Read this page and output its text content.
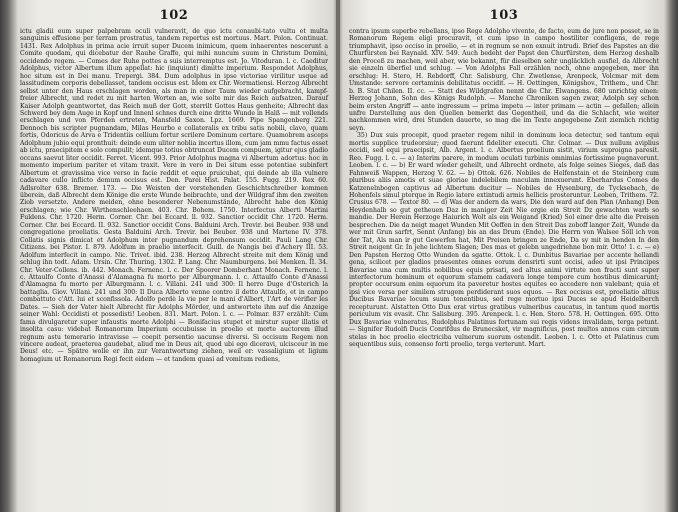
102

ictu gladii eum super palpebram oculi vulneravit, de quo ictu conaubi-tato vultu et multa sanguinis effusione per terram prostratus, tandem repertus est mortuus. Mart. Polon. Continuat. 1431. Rex Adolphus in prima acie irruit super Ducem inimicum, quem inhaerentes nescerunt a Comite quodam, qui dicebatur der Rauhe Graffe, qui mihi nuncum suum in Christum Domini, occidendo regem. — Comes der Ruhe pottes a suis interremptus est. Jo. Vitoduran. l. c. Caeditur Adolphus, victor Albertum illum appellat: hic (inquiunt) dimitte imperium. Respondet Adolphus, hoc situm est in Dei manu. Trepergi. 384. Dum adolphus in ipse victoriae virilitur usque ad lassitudinem corporis debellasset, tandem occisus est. Idem ex Chr. Wormatiensi. Herzog Albrecht selbst unter den Haus erschlagen worden, als man in einer Taum wieder aufgebracht, kampf-freier Albrecht, und redet zu mit harten Worten an, wie solte mir das Reich aufsatzen. Darauf Kaiser Adolph geantwortet, das Reich muß der Gott, sterrilt Gottes Haus genheite; Albrecht das Schwerd bey dem Auge in Kopf und Innenl schnes durch eine dritte Wunde in Halß — mit vollends erschlagen und von Pferden ertreten, Mansfeld Saxon. Lpz. 1669. Pipe Spangenberg 221. Dennoch bis scripter pugnandam, Milas Heurbo e collateralis ex tribu satis nobili, clavo, quam fortis, Odoricus de Arva e Tridentiis cellium fortur scrilere Dominum certare. Quamobrem asceps Adolphum jubio equi pronthuit: deinde eum uliter noblia incertus illom, cum jam mmu factus esset ab ictu, praecipitem e solo compulit; idemque totius obtruncat Ducem compuem, igitur ejus gladio occans saevut liter occidit. Ferret. Vicent. 993. Prior Adolphus magna vi Albertum adortus: hoc in momento imperium pariter et vitam traxit. Vere in vero in Dei situm esse potentiae subinfert Albertum et gravissima vice verso in facie reddit et eque pruicubat, qui deinde ab illa vulnere cadavare cullo inflicto demum occisus est. Den. Parei Hist. Palat. 155. Fugg. 219. Rex 60. Adlsrolter 638. Bremer. 173. — Die Weisten der vorstehenden Geschichtschreiber kommen überein, daß Albrecht dem Könige die erste Wunde beibrachte, und der Wildgraf ihm den zweiten Ziob versetzte. Andere meiden, ohne besonderer Nebenumstände, Albrecht habe den König erschlagen; wie Chr. Wirthenschleehaen. 403. Chr. Bohem. 1750. Interfectus Alberti Martini Fuldens. Chr. 1720. Herm. Corner. Chr. bei Eccard. ll. 932. Sanctior occidit Chr. 1720. Herm. Corner. Chr. bei Eccard. II. 932. Sanctior occidit Cons. Balduini Arch. Trevir. bei Beuber. 938 und congregatione proeliatis. Gesta Balduini Arch. Trevir. bei Beuber. 938 und Martene IV. 378. Collatis signis dimicat et Adolphum inter pugnandum deprehensum occidit. Pauli Lang Chr. Citizens. bei Pistor. I. 879. Adolfum in praelio interfecit. Guill. de Nangis bei d'Achery III. 53. Adolfum interfecit in campo. Nic. Trivet. ibid. 238. Herzog Albrecht streite mit dem König und schlug ihn todt. Adam. Ursin. Chr. Thuring. 1302. P. Lang. Chr. Naumburgens. bei Menken. II. 34. Chr. Veter-Collens. ib. 442. Monach. Fernenc. l. c. Der Spoorer Domberhant Monach. Fernenc. l. c. Attaulfo Conte d'Anassi d'Alamagna fu morto per Alburgmann. l. c. Attaulfo Conte d'Anassi d'Alamagna fu morto per Alburgmann. l. c. Villani. 241 und 300: Il herro Duge d'Osterich la battaglia. Giov. Villani. 241 und 300: Il Duca Alberto venne contro il detto Attaulfo, et in campo combattuto c'Att. lui et sconfissola. Adolfo perdè la vie per le mani d'Albert, l'Art de vérifier les Dates. — Sieh der Vater hielt Albrecht für Adolphs Mörder, und antwortete ihm auf die Anzeige seiner Wahl: Occidisti et possedisti! Leoben. 831. Mart. Polon. l. c. — Polmar. 837 erzählt: Cum fama divulgaretur super infaustis morte Adolphi — Bonifacius stupet et mirstur super illatis et insolita casu: videbat Romanorum Imperium occubuisse in proelio et morte auctorem illud regnum astu temerario intravisse — coepit persentio uacunse diversi. Si occisum Regem non vincere audeat, praeterea gaudebat, aliud me in Deus ait, quod ubi ego diceravi, ulcisceur in me Deus! etc. — Spätre wolle er ihn zur Verantwortung ziehen, weil er: vassaligium et ligium homagium ut Romanorum Regi fecit eidem — et tandem quasi ad vomitum rediens,

103

contra ipsum superbe rebellans, ipso Rege Adolpho vivente, de facto, eum de jure non posset, se in Romanorum Regem eligi procuravit, et cum ipso in campo hostiliter confligens, de rege triumphavit, ipso occiso in proelio, — et in regnum se non exnuit intrudi. Brief des Papstes an die Churfürsten bei Raynald. XIV. 549. Auch bedeht der Papst den Churfürsten, dem Herzog deshalb den Proceß zu machen, weil aber, wie bekannt, für dieselben sehr ungläcklich ausfiel, da Albrecht sie einzeln überfiel und schlug. — Von Adolphs Fall erzählen noch, ohne angegeben, mer ihn erschlug: H. Stero, H. Rebdorff, Chr. Salisburg, Chr. Zwetlense, Arenpeck, Volcmar mit dem Umstande: servore certaminis debilitatus occidit. — H. Oettingen, Königshov., Trithem., und Chr. b. B. Stat Chilen. II. cc. — Statt des Wildgrafen nennt die Chr. Elwangens. 680 unrichtig einen: Herzog Johann, Sohn des Königs Rudolph. — Manche Chroniken sagen zwar, Adolph sey schon beim ersten Angriff — ante ingressum — prima impetu — inter primam — actin — gefallen; allein unfre Darstellung aus den Quellen bemerkt das Gegentheil, und da die Schlacht, wie weiter nachkommen wird, drei Stunden dauerte, so mag die im Texte angegebene Zeit ziemlich richtig seyn.

35) Dux suis procepit, quod praeter regem nihil in dominum loca detectur, sed tantum equi mortis supplice trudeorsiur; quod faerunt fideliter executi. Chr. Colmar. — Dux nullum aviplius occidi, sed equi praecipsit, Alb. Argent. l. c. Albertus proelium sistit, virium suproigna paresit. Reo. Fugg. l. c. — a) Interim parere, in modum oculati turbinis omnimias fortissime pugnaverunt. Leoben. l. c. — b) Er ward wieder geheilt, und Albrecht ordnete, als folge seines Sieges, daß das Fahnweiß Wappen, Herzog V. 62. — b) Ottok. 626. Nobiles de Helfenstain et de Steinberg cum pluribus aliis amotis et suae gloriae indelebilem maculam innexuerunt. Eberhardus Comes de Katzenelnbogen captivus ad Albertum ducitur — Nobiles de Hysenburg, de Tycksebach, de Hohenfels simul pterque in Regio latere extintudi armis hellicis prosteruntur. Leoben, Trithem. 72. Crusius 678. — Textor 80. — d) Was der andern da wars, Die den ward auf den Plan (Anhang) Den Heydenhalb so gut getheuen Daz in maniger Zeit Nie ergie ein Streit Dz gewachten warb so mandie. Der Herein Herzoge Haiurich Wolt als ein Weigand (Kried) Sol einer drie alte die Preisen besprechen. Die da neigt maget Wunden Mit Oeffen in den Streit Das zoboff langer Zeit, Wunde da wer mit Grun sarfrt, Sennt (Anfang) bis an das Drum (Ende). Die Herrn von Walsee Söll ich von der Tat, Als man ir gut Gewerfen hat, Mit Preisen bringen ze Ende, Da sy mit in henden In den Streit neigent Gr. In jehe lichtem Slagen; Des mas et gelebn ungedriehne bon mir. Otto! 1. c. — e) Den Papsten Herzog Otto Wunden da sgatte. Ottok. l. c. Dunbitus Bavariae per accente hellandi gena, scilicet per gladios praesentes omnes eorum densrirti sunt occisi, adeo ut ipsi Principes Bavariae una cum multis nobilibus equis prisati, sed altus animi virtute non fracti sunt super interfectorum hominum et equorum stamem cadavera longe tempore cum hostibus dimicarunt; propter occursum enim equorum ita paveretur hostes equites eo accedere non valebant; quia et ipsi vice versa per similem strugem perdiderant suos equos. — Rex occisus est, proeliatio altius Ducibus Bavariae locum suum tenentibus, sed rege mortuo ipsi Duces se apud Heidelberch recepturunt. Alstatten Otto Dux erat virtus gratibus vulneribus caucatus, in tantum quod mortis periculum vix evasit. Chr. Salisburg. 395. Arenpeck. l. c. Hen. Stero. 578. H. Oettingen. 695. Otto Dux Bavariae vulneratus, Rudolphus Palatinus fortunam sui regis videns invalidam, terga petunt. — Signifer Rudolfi Ducis Conrifdus de Brunecsket, vir magnificus, post multos annos cum circum stelas in hoc proelio electriciba vulnerum suorum ostendit. Leoben. l. c. Otto et Palatinus cum sequentibus suis, consenso forti proelio, terga verterunt. Mart.
